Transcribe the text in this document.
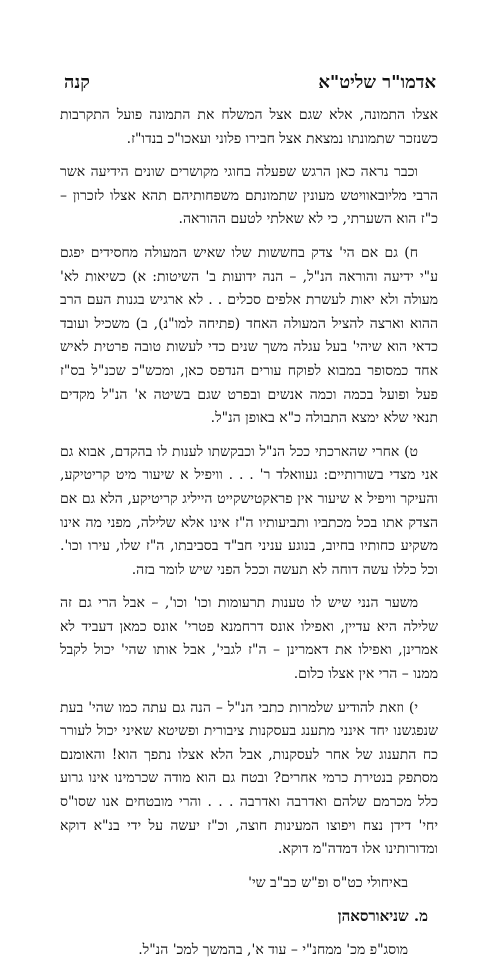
אדמו"ר שליט"א
קנה

אצלו התמונה, אלא שגם אצל המשלח את התמונה פועל התקרבות כשנזכר שתמונתו נמצאת אצל חבירו פלוני ועאכו"כ בנדו"ז.

וכבר נראה כאן הרגש שפעלה בחוגי מקושרים שונים הידיעה אשר הרבי מליובאוויטש מעונין שתמונתם משפחותיהם תהא אצלו לזכרון – כ"ז הוא השערתי, כי לא שאלתי לטעם ההוראה.

ח) גם אם הי' צדק בחששות שלו שאיש המעולה מחסידים יפגם ע"י ידיעה והוראה הנ"ל, – הנה ידועות ב' השיטות: א) כשיאות לא' מעולה ולא יאות לעשרת אלפים סכלים . . לא ארגיש בגנות העם הרב ההוא וארצה להציל המעולה האחד (פתיחה למו"נ), ב) משכיל ועובד כדאי הוא שיהי' בעל עגלה משך שנים כדי לעשות טובה פרטית לאיש אחד כמסופר במבוא לפוקח עורים הנדפס כאן, ומכש"כ שכנ"ל בס"ז פעל ופועל בכמה וכמה אנשים ובפרט שגם בשיטה א' הנ"ל מקדים תנאי שלא ימצא התבולה כ"א באופן הנ"ל.

ט) אחרי שהארכתי ככל הנ"ל וכבקשתו לענות לו בהקדם, אבוא גם אני מצדי בשורותיים: געוואלד ר' . . . וויפיל א שיעור מיט קריטיקע, והעיקר וויפיל א שיעור אין פראקטישקייט הייליג קריטיקע, הלא גם אם הצדק אתו בכל מכתביו ותביעותיו ה"ז אינו אלא שלילה, מפני מה אינו משקיע כחותיו בחיוב, בנוגע עניני חב"ד בסביבתו, ה"ז שלו, עירו וכו'. וכל כללו עשה דוחה לא תעשה וככל הפני שיש לומר בזה.

משער הנני שיש לו טענות תרעומות וכו' וכו', – אבל הרי גם זה שלילה היא עדיין, ואפילו אונס דרחמנא פטרי' אונס כמאן דעביד לא אמרינן, ואפילו את דאמרינן – ה"ז לגבי', אבל אותו שהי' יכול לקבל ממנו – הרי אין אצלו כלום.

י) וזאת להודיע שלמרות כתבי הנ"ל – הנה גם עתה כמו שהי' בעת שנפגשנו יחד אינני מתענג בעסקנות ציבורית ופשיטא שאיני יכול לעורר כח התענוג של אחר לעסקנות, אבל הלא אצלו נתפך הוא! והאומנם מסתפק בנטירת כרמי אחרים? ובטח גם הוא מודה שכרמינו אינו גרוע כלל מכרמם שלהם ואדרבה ואדרבה . . . והרי מובטחים אנו שסו"ס יחי' דידן נצח ויפוצו המעינות חוצה, וכ"ז יעשה על ידי בנ"א דוקא ומדורותינו אלו דמדה"מ דוקא.

באיחולי כט"ס ופ"ש כב"ב שי'

מ. שניאורסאהן

מוסג"פ מכ' ממחנ"י – עוד א', בהמשך למכ' הנ"ל.
